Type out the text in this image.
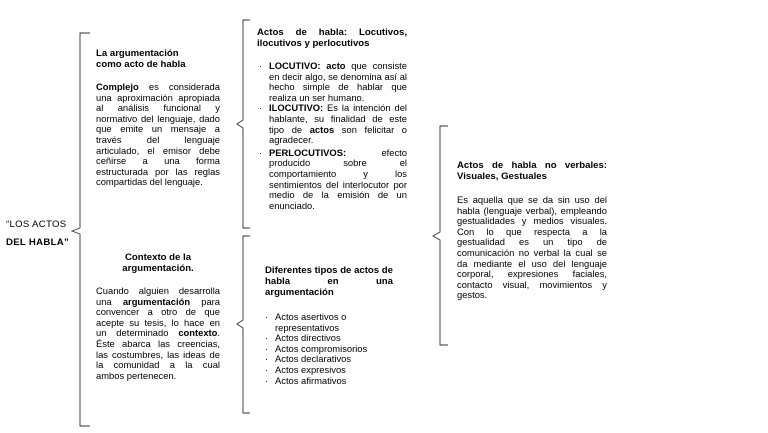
“LOS ACTOS
DEL HABLA”
La argumentación
como acto de habla
Complejo es considerada una aproximación apropiada al análisis funcional y normativo del lenguaje, dado que emite un mensaje a través del lenguaje articulado, el emisor debe ceñirse a una forma estructurada por las reglas compartidas del lenguaje.
Contexto de la
argumentación.
Cuando alguien desarrolla una argumentación para convencer a otro de que acepte su tesis, lo hace en un determinado contexto. Éste abarca las creencias, las costumbres, las ideas de la comunidad a la cual ambos pertenecen.
Actos de habla: Locutivos, ilocutivos y perlocutivos
· LOCUTIVO: acto que consiste en decir algo, se denomina así al hecho simple de hablar que realiza un ser humano.
· ILOCUTIVO: Es la intención del hablante, su finalidad de este tipo de actos son felicitar o agradecer.
· PERLOCUTIVOS: efecto producido sobre el comportamiento y los sentimientos del interlocutor por medio de la emisión de un enunciado.
Diferentes tipos de actos de habla en una argumentación
· Actos asertivos o representativos
· Actos directivos
· Actos compromisorios
· Actos declarativos
· Actos expresivos
· Actos afirmativos
Actos de habla no verbales: Visuales, Gestuales
Es aquella que se da sin uso del habla (lenguaje verbal), empleando gestualidades y medios visuales. Con lo que respecta a la gestualidad es un tipo de comunicación no verbal la cual se da mediante el uso del lenguaje corporal, expresiones faciales, contacto visual, movimientos y gestos.
